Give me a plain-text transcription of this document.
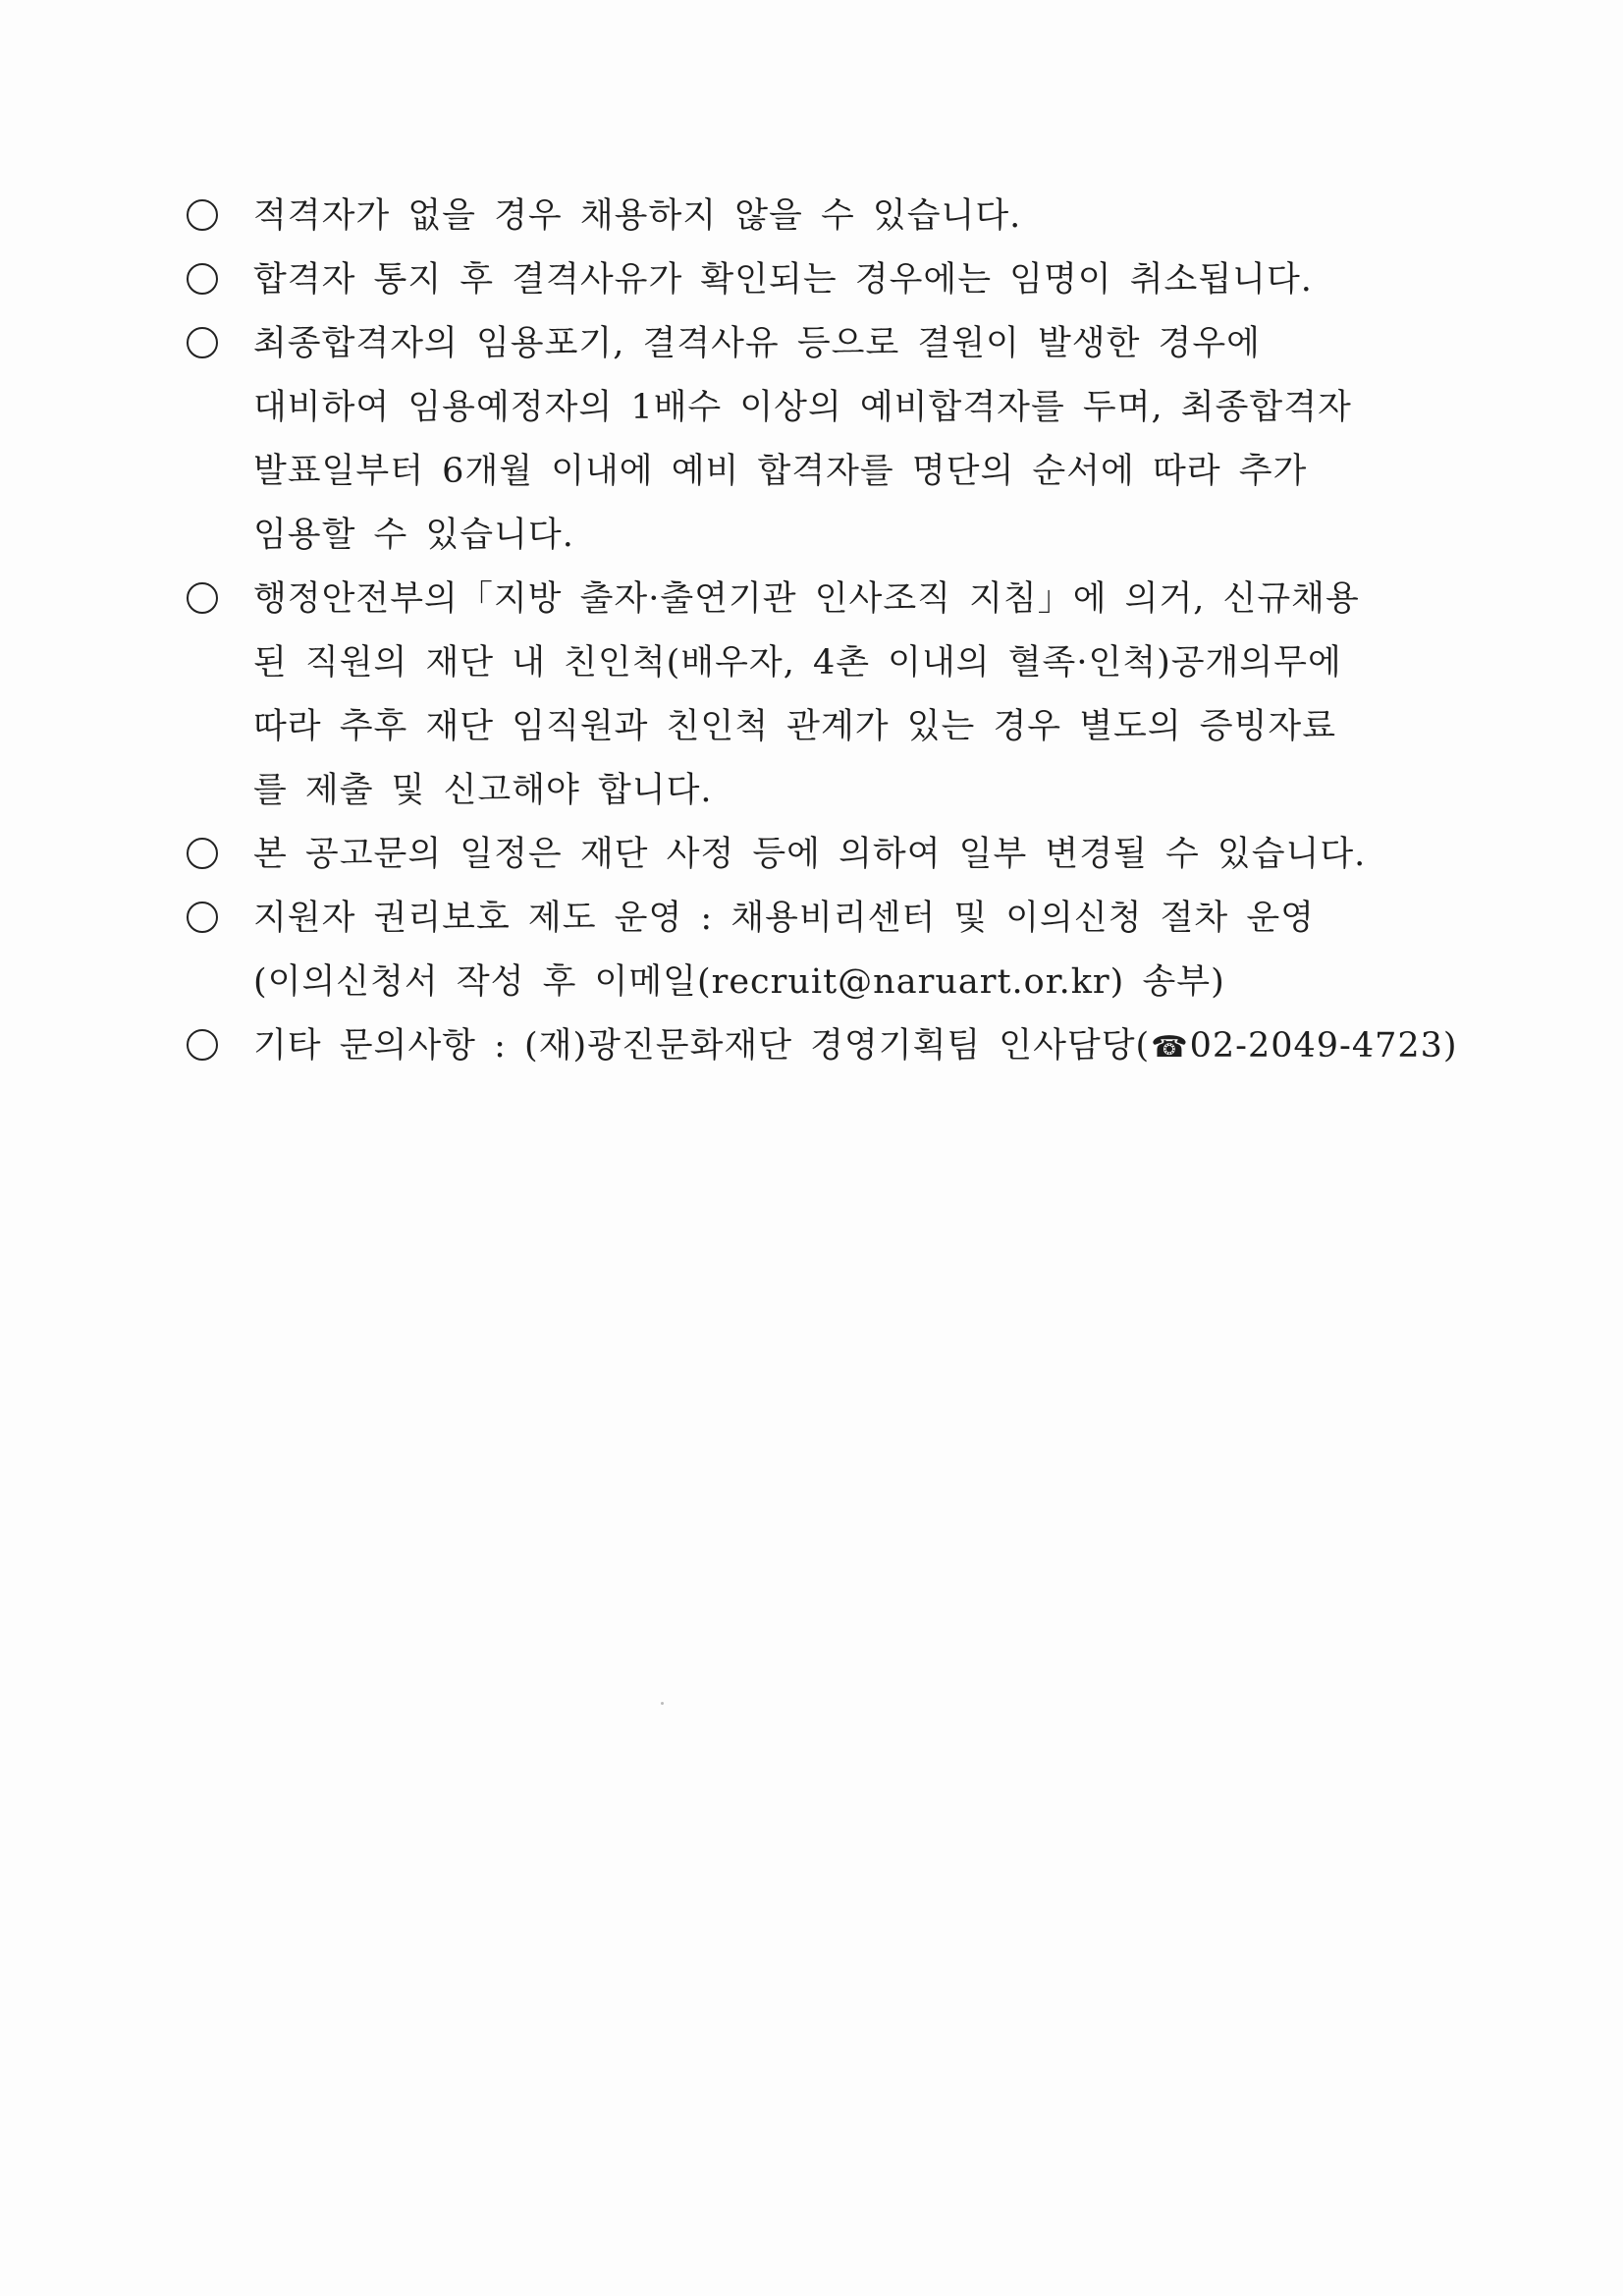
적격자가 없을 경우 채용하지 않을 수 있습니다.
합격자 통지 후 결격사유가 확인되는 경우에는 임명이 취소됩니다.
최종합격자의 임용포기, 결격사유 등으로 결원이 발생한 경우에
대비하여 임용예정자의 1배수 이상의 예비합격자를 두며, 최종합격자
발표일부터 6개월 이내에 예비 합격자를 명단의 순서에 따라 추가
임용할 수 있습니다.
행정안전부의「지방 출자·출연기관 인사조직 지침」에 의거, 신규채용
된 직원의 재단 내 친인척(배우자, 4촌 이내의 혈족·인척)공개의무에
따라 추후 재단 임직원과 친인척 관계가 있는 경우 별도의 증빙자료
를 제출 및 신고해야 합니다.
본 공고문의 일정은 재단 사정 등에 의하여 일부 변경될 수 있습니다.
지원자 권리보호 제도 운영 : 채용비리센터 및 이의신청 절차 운영
(이의신청서 작성 후 이메일(recruit@naruart.or.kr) 송부)
기타 문의사항 : (재)광진문화재단 경영기획팀 인사담당(☎02-2049-4723)
